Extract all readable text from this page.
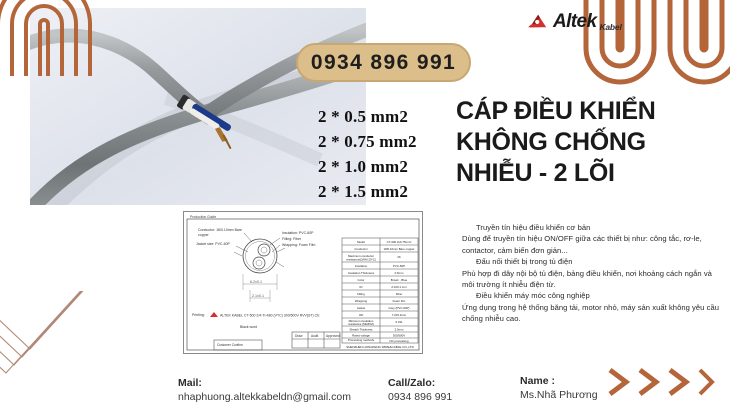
Altek Kabel
0934 896 991
2 * 0.5 mm2
2 * 0.75 mm2
2 * 1.0 mm2
2 * 1.5 mm2
CÁP ĐIỀU KHIỂN
KHÔNG CHỐNG
NHIỄU - 2 LÕI
Production Guide
Conductor: 18/0.10mm Bare
copper
Jacket size: PVC-60P
Insulation: PVC-60P
Filling: Fiber
Wrapping: Foam Film
6.2±0.1
2.1±0.1
Printing:	ALTEK KABEL CT-500 2/4-TI-480 (VTC) 300/500V RVV(ST) CE
Black word
Draw	Audit Approved
Customer Confirm
Model	CT-300 2x0.75mm²
Conductor	18/0.10mm Bare copper
Maximum conductor
resistance(Ω/KM 20°C)
26
Insulation	PVC-60P
Insulation Thickness	0.6mm
Color	Brown , Blue
ID	2.0±0.1 mm
Filling	Fiber
Wrapping	Foam film
Jacket	Grey (PVC-60P)
OD	7.2±0.2mm
Minimum insulation
resistance (MΩ/KM)	0.011
Sheath Thickness	2.0mm
Rated voltage	300/500V
Processing methods	NC processing
SHENZHEN HONGFENG WIRE&CABLE CO.,LTD

Truyền tín hiệu điều khiển cơ bản

Dùng để truyền tín hiệu ON/OFF giữa các thiết bị như: công tắc, rơ-le,

contactor, cảm biến đơn giản...

Đấu nối thiết bị trong tủ điện

Phù hợp đi dây nội bộ tủ điện, bảng điều khiển, nơi khoảng cách ngắn và

môi trường ít nhiễu điện từ.

Điều khiển máy móc công nghiệp

Ứng dụng trong hệ thống băng tải, motor nhỏ, máy sản xuất không yêu cầu

chống nhiễu cao.

Mail:
nhaphuong.altekkabeldn@gmail.com
Call/Zalo:
0934 896 991
Name :
Ms.Nhã Phương
